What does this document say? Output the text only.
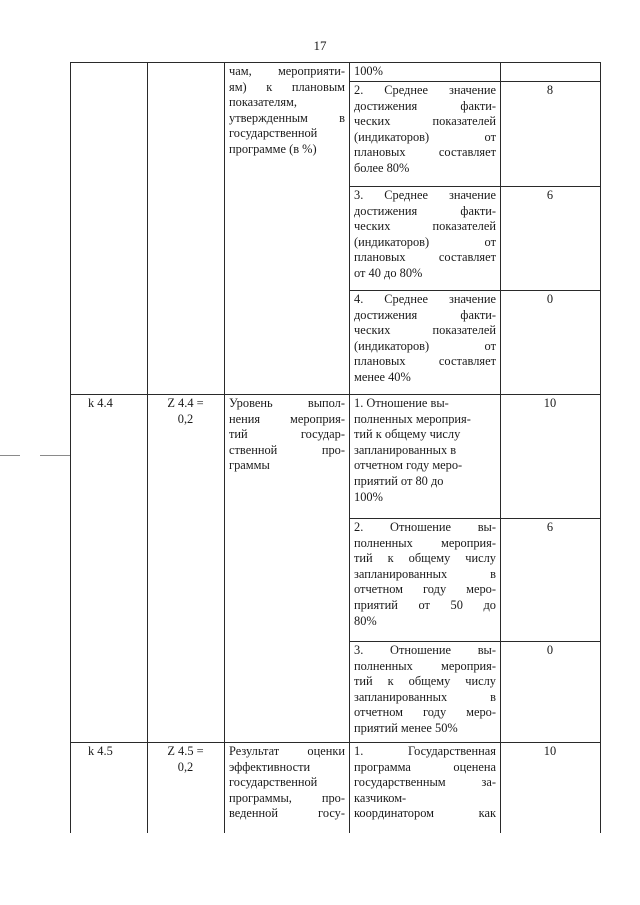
17
чам, мероприяти-
ям) к плановым
показателям,
утвержденным в
государственной
программе (в %)
100%
2. Среднее значение
достижения факти-
ческих показателей
(индикаторов) от
плановых составляет
более 80%
8
3. Среднее значение
достижения факти-
ческих показателей
(индикаторов) от
плановых составляет
от 40 до 80%
6
4. Среднее значение
достижения факти-
ческих показателей
(индикаторов) от
плановых составляет
менее 40%
0
k 4.4	Z 4.4 =
0,2
Уровень выпол-
нения мероприя-
тий государ-
ственной про-
граммы
1. Отношение вы-
полненных мероприя-
тий к общему числу
запланированных в
отчетном году меро-
приятий от 80 до
100%
10
2. Отношение вы-
полненных мероприя-
тий к общему числу
запланированных в
отчетном году меро-
приятий от 50 до
80%
6
3. Отношение вы-
полненных мероприя-
тий к общему числу
запланированных в
отчетном году меро-
приятий менее 50%
0
k 4.5	Z 4.5 =
0,2
Результат оценки
эффективности
государственной
программы, про-
веденной госу-
1. Государственная
программа оценена
государственным за-
казчиком-
координатором как
10
